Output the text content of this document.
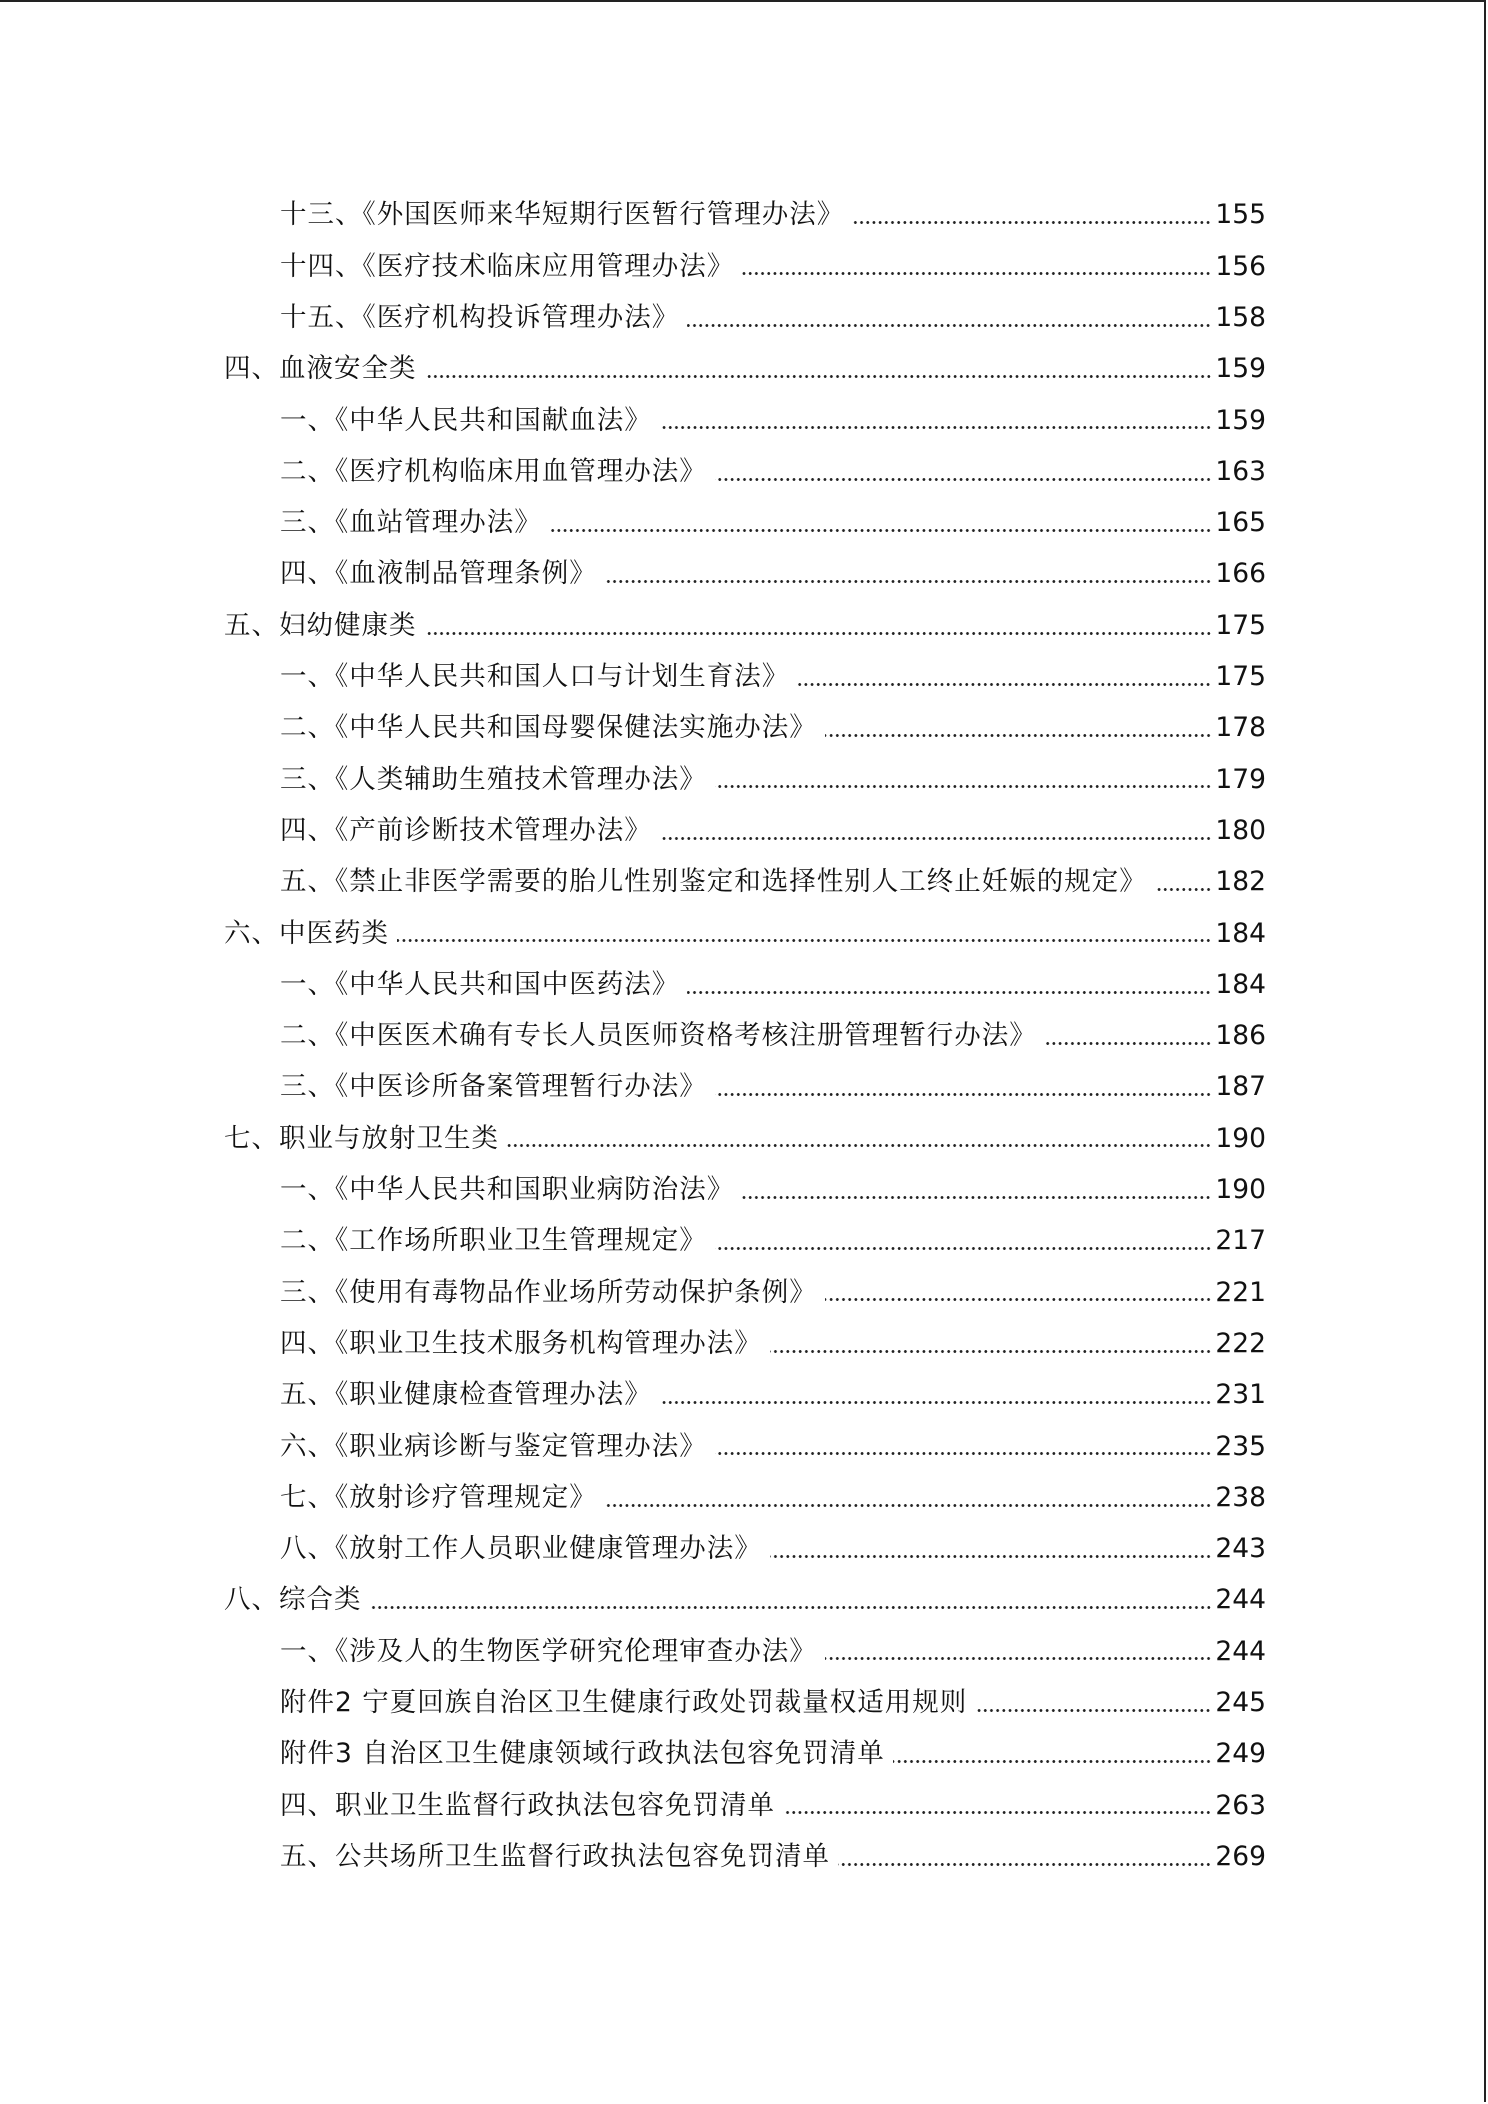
十三、《外国医师来华短期行医暂行管理办法》	155
十四、《医疗技术临床应用管理办法》	156
十五、《医疗机构投诉管理办法》	158
四、血液安全类	159
一、《中华人民共和国献血法》	159
二、《医疗机构临床用血管理办法》	163
三、《血站管理办法》	165
四、《血液制品管理条例》	166
五、妇幼健康类	175
一、《中华人民共和国人口与计划生育法》	175
二、《中华人民共和国母婴保健法实施办法》	178
三、《人类辅助生殖技术管理办法》	179
四、《产前诊断技术管理办法》	180
五、《禁止非医学需要的胎儿性别鉴定和选择性别人工终止妊娠的规定》	182
六、中医药类	184
一、《中华人民共和国中医药法》	184
二、《中医医术确有专长人员医师资格考核注册管理暂行办法》	186
三、《中医诊所备案管理暂行办法》	187
七、职业与放射卫生类	190
一、《中华人民共和国职业病防治法》	190
二、《工作场所职业卫生管理规定》	217
三、《使用有毒物品作业场所劳动保护条例》	221
四、《职业卫生技术服务机构管理办法》	222
五、《职业健康检查管理办法》	231
六、《职业病诊断与鉴定管理办法》	235
七、《放射诊疗管理规定》	238
八、《放射工作人员职业健康管理办法》	243
八、综合类	244
一、《涉及人的生物医学研究伦理审查办法》	244
附件2 宁夏回族自治区卫生健康行政处罚裁量权适用规则	245
附件3 自治区卫生健康领域行政执法包容免罚清单	249
四、职业卫生监督行政执法包容免罚清单	263
五、公共场所卫生监督行政执法包容免罚清单	269
